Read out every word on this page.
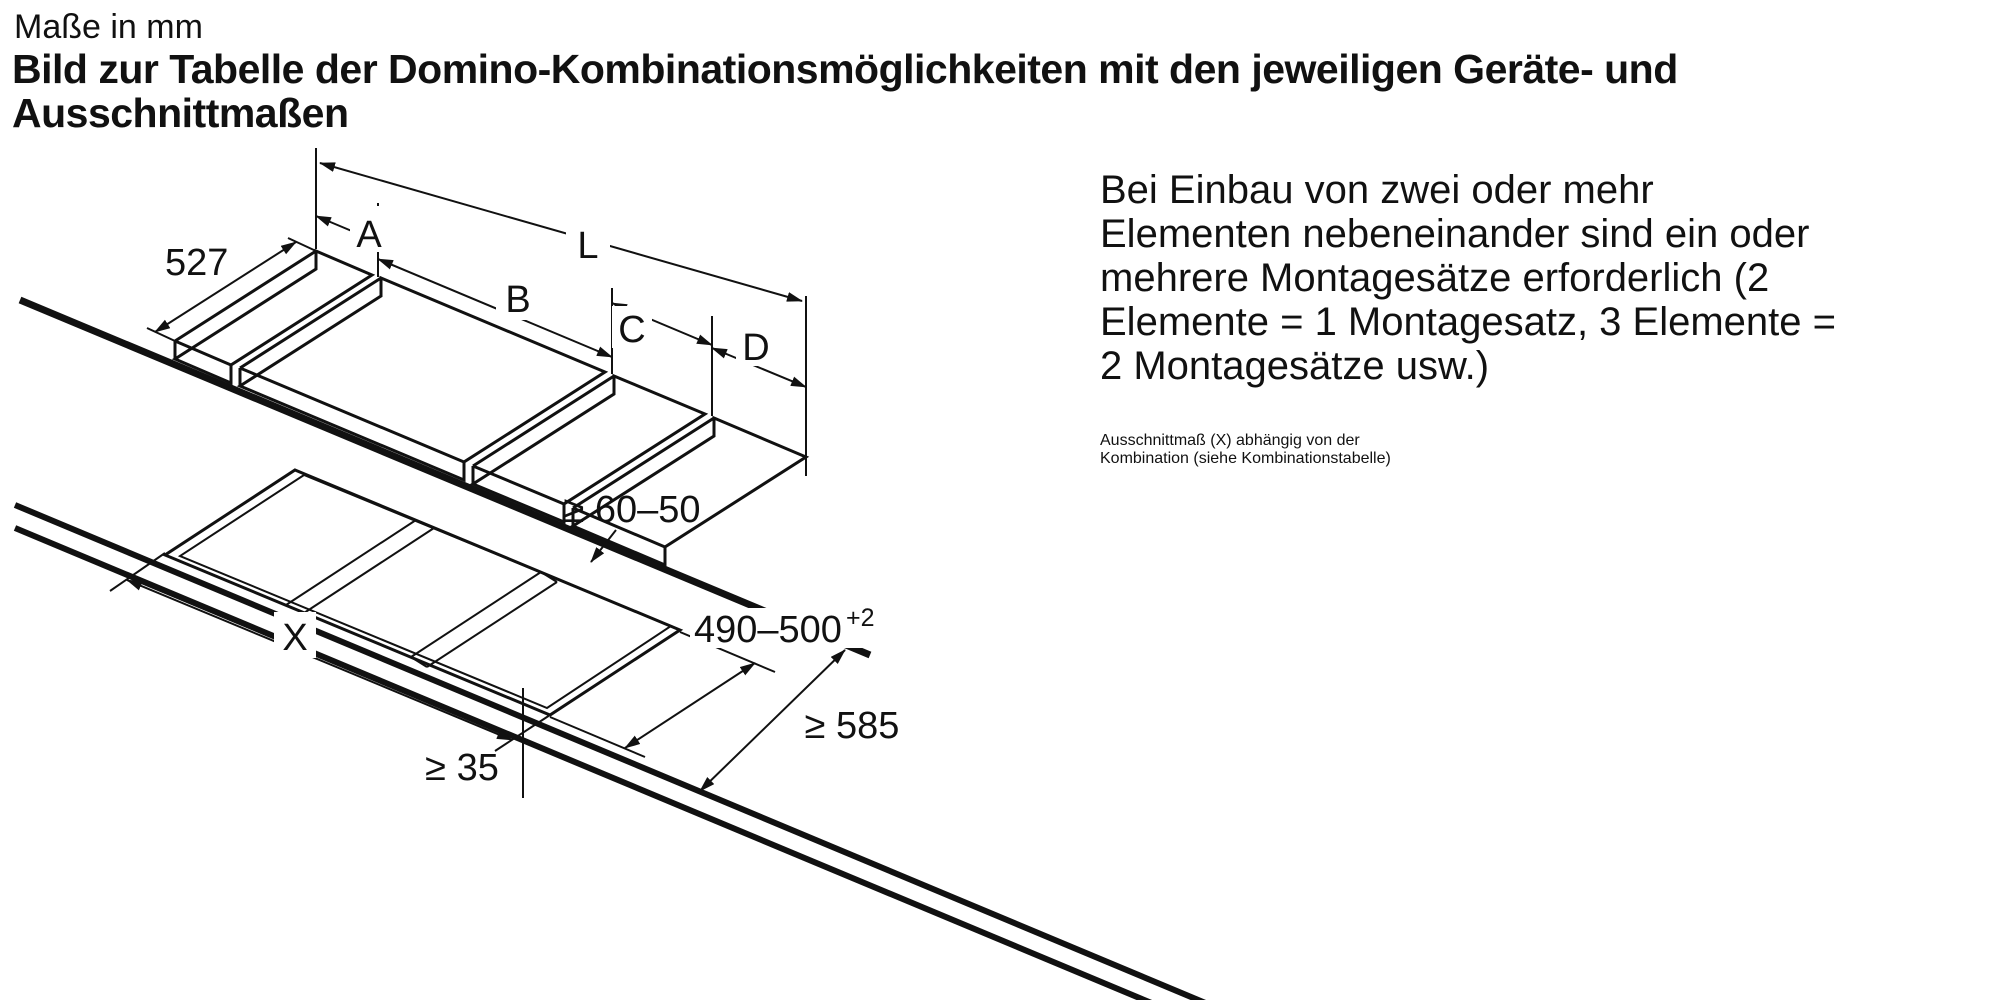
Maße in mm
Bild zur Tabelle der Domino-Kombinationsmöglichkeiten mit den jeweiligen Geräte- und
Ausschnittmaßen
Bei Einbau von zwei oder mehr
Elementen nebeneinander sind ein oder
mehrere Montagesätze erforderlich (2
Elemente = 1 Montagesatz, 3 Elemente =
2 Montagesätze usw.)
Ausschnittmaß (X) abhängig von der
Kombination (siehe Kombinationstabelle)
527	L
A
B
C	D
X
≥ 35
≥ 60–50
490–500 +2
≥ 585
